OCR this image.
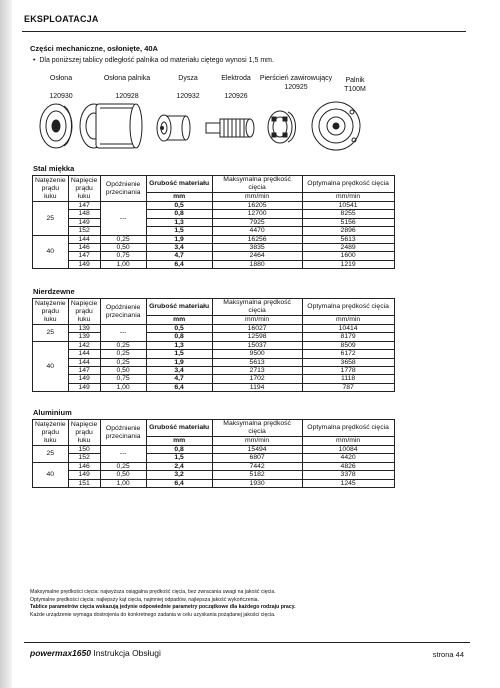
EKSPLOATACJA
Części mechaniczne, osłonięte, 40A
•  Dla poniższej tablicy odległość palnika od materiału ciętego wynosi 1,5 mm.
Osłona
120930
Osłona palnika
120928
Dysza
120932
Elektroda
120926
Pierścień zawirowujący
120925
Palnik T100M
Stal miękka
Natężenie prądu łuku	Napięcie prądu łuku	Opóźnienie przecinania	Grubość materiału	Maksymalna prędkość cięcia	Optymalna prędkość cięcia
			mm	mm/min	mm/min
25	147	---	0,5	16205	10541
	148		0,8	12700	8255
	149		1,3	7925	5156
	152		1,5	4470	2896
40	144	0,25	1,9	16256	5613
	146	0,50	3,4	3835	2489
	147	0,75	4,7	2464	1600
	149	1,00	6,4	1880	1219
Nierdzewne
Natężenie prądu łuku	Napięcie prądu łuku	Opóźnienie przecinania	Grubość materiału	Maksymalna prędkość cięcia	Optymalna prędkość cięcia
			mm	mm/min	mm/min
25	139	---	0,5	16027	10414
	139		0,8	12598	8179
40	142	0,25	1,3	15037	8509
	144	0,25	1,5	9500	6172
	144	0,25	1,9	5613	3658
	147	0,50	3,4	2713	1778
	149	0,75	4,7	1702	1118
	149	1,00	6,4	1194	787
Aluminium
Natężenie prądu łuku	Napięcie prądu łuku	Opóźnienie przecinania	Grubość materiału	Maksymalna prędkość cięcia	Optymalna prędkość cięcia
			mm	mm/min	mm/min
25	150	---	0,8	15494	10084
	152		1,5	6807	4420
40	146	0,25	2,4	7442	4826
	149	0,50	3,2	5182	3378
	151	1,00	6,4	1930	1245
Maksymalne prędkości cięcia: najwyższa osiągalna prędkość cięcia, bez zwracania uwagi na jakość cięcia.
Optymalne prędkości cięcia: najlepszy kąt cięcia, najmniej odpadów, najlepsza jakość wykończenia.
Tablice parametrów cięcia wskazują jedynie odpowiednie parametry początkowe dla każdego rodzaju pracy.
Każde urządzenie wymaga dostrojenia do konkretnego zadania w celu uzyskania pożądanej jakości cięcia.
powermax1650 Instrukcja Obsługi	strona 44
